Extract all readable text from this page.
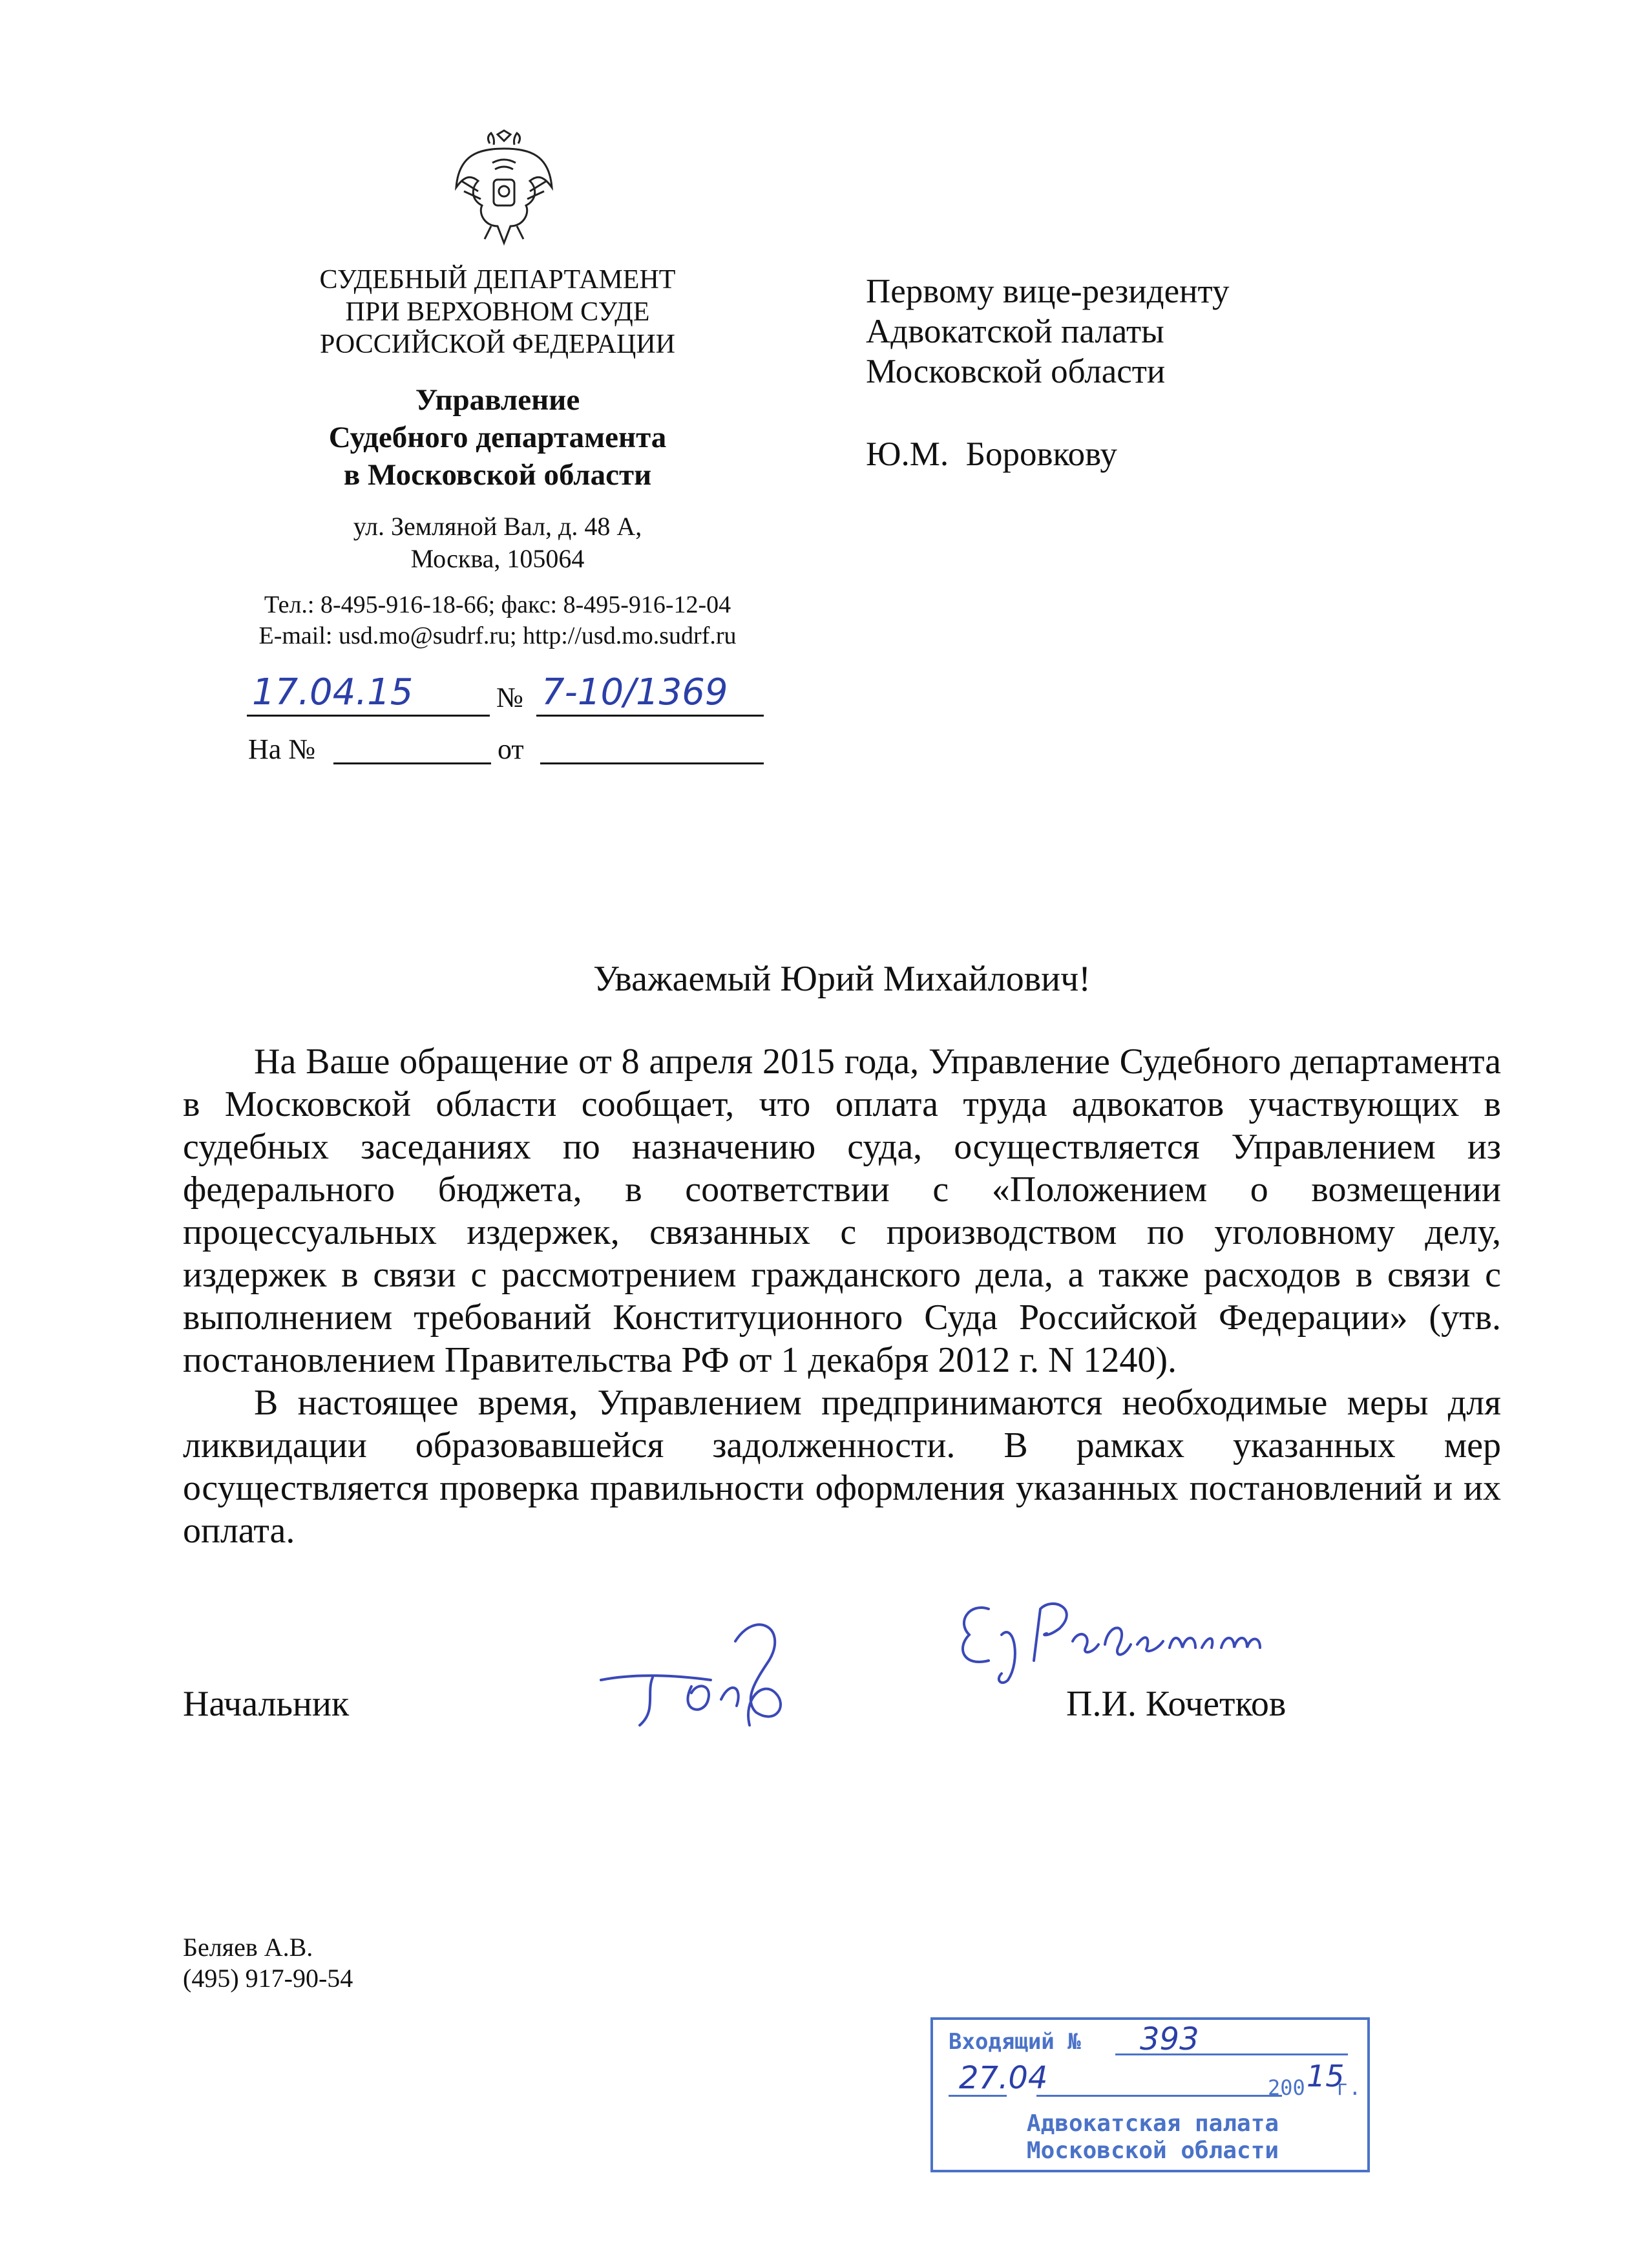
СУДЕБНЫЙ ДЕПАРТАМЕНТ
ПРИ ВЕРХОВНОМ СУДЕ
РОССИЙСКОЙ ФЕДЕРАЦИИ
Управление
Судебного департамента
в Московской области
ул. Земляной Вал, д. 48 А,
Москва, 105064
Тел.: 8-495-916-18-66; факс: 8-495-916-12-04
E-mail: usd.mo@sudrf.ru; http://usd.mo.sudrf.ru
17.04.15	№ 7-10/1369
На №	от
Первому вице-резиденту
Адвокатской палаты
Московской области
Ю.М.  Боровкову
Уважаемый Юрий Михайлович!

На Ваше обращение от 8 апреля 2015 года, Управление Судебного департамента в Московской области сообщает, что оплата труда адвокатов участвующих в судебных заседаниях по назначению суда, осуществляется Управлением из федерального бюджета, в соответствии с «Положением о возмещении процессуальных издержек, связанных с производством по уголовному делу, издержек в связи с рассмотрением гражданского дела, а также расходов в связи с выполнением требований Конституционного Суда Российской Федерации» (утв. постановлением Правительства РФ от 1 декабря 2012 г. N 1240).

В настоящее время, Управлением предпринимаются необходимые меры для ликвидации образовавшейся задолженности. В рамках указанных мер осуществляется проверка правильности оформления указанных постановлений и их оплата.

Начальник	П.И. Кочетков
Беляев А.В.
(495) 917-90-54
Входящий № 393
27.04	200 15
г.
Адвокатская палата
Московской области
